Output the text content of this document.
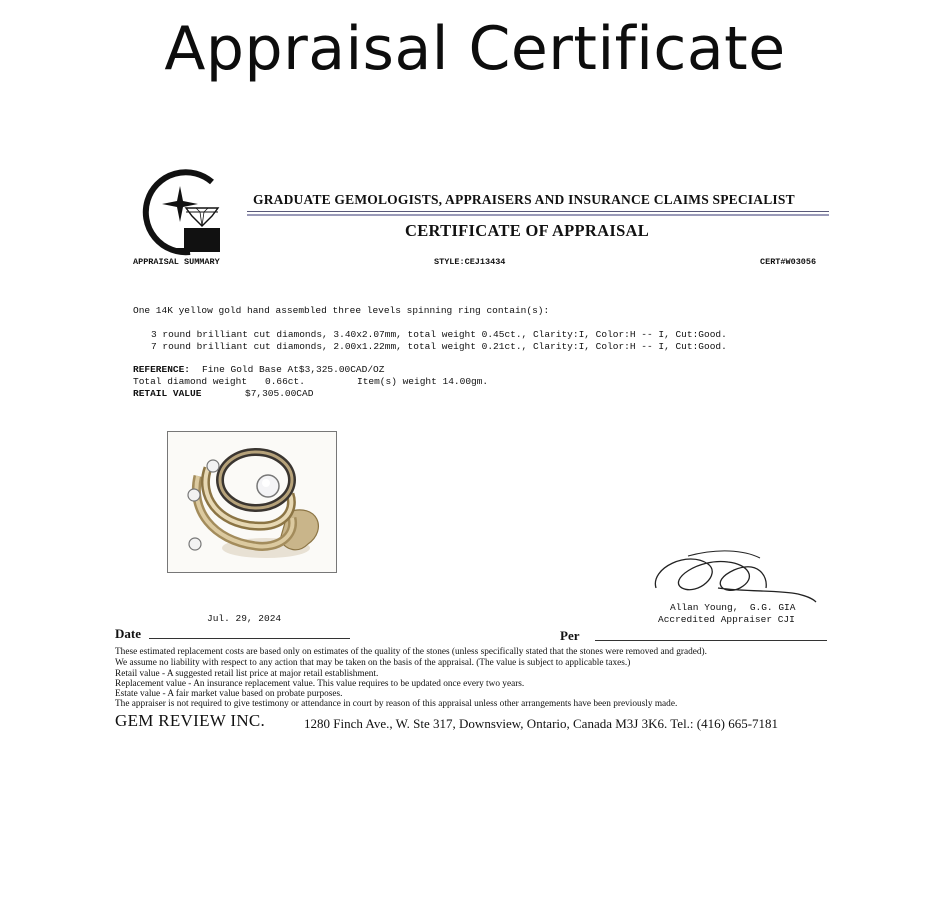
Appraisal Certificate
GRADUATE GEMOLOGISTS, APPRAISERS AND INSURANCE CLAIMS SPECIALIST
CERTIFICATE OF APPRAISAL
APPRAISAL SUMMARY	STYLE:CEJ13434	CERT#W03056
One 14K yellow gold hand assembled three levels spinning ring contain(s):
3 round brilliant cut diamonds, 3.40x2.07mm, total weight 0.45ct., Clarity:I, Color:H -- I, Cut:Good.
7 round brilliant cut diamonds, 2.00x1.22mm, total weight 0.21ct., Clarity:I, Color:H -- I, Cut:Good.
REFERENCE: Fine Gold Base At$3,325.00CAD/OZ
Total diamond weight 0.66ct.	Item(s) weight 14.00gm.
RETAIL VALUE	$7,305.00CAD
Jul. 29, 2024
Allan Young,  G.G. GIA
Accredited Appraiser CJI
Date	Per
These estimated replacement costs are based only on estimates of the quality of the stones (unless specifically stated that the stones were removed and graded).
We assume no liability with respect to any action that may be taken on the basis of the appraisal. (The value is subject to applicable taxes.)
Retail value - A suggested retail list price at major retail establishment.
Replacement value - An insurance replacement value. This value requires to be updated once every two years.
Estate value - A fair market value based on probate purposes.
The appraiser is not required to give testimony or attendance in court by reason of this appraisal unless other arrangements have been previously made.
GEM REVIEW INC.	1280 Finch Ave., W. Ste 317, Downsview, Ontario, Canada M3J 3K6. Tel.: (416) 665-7181
